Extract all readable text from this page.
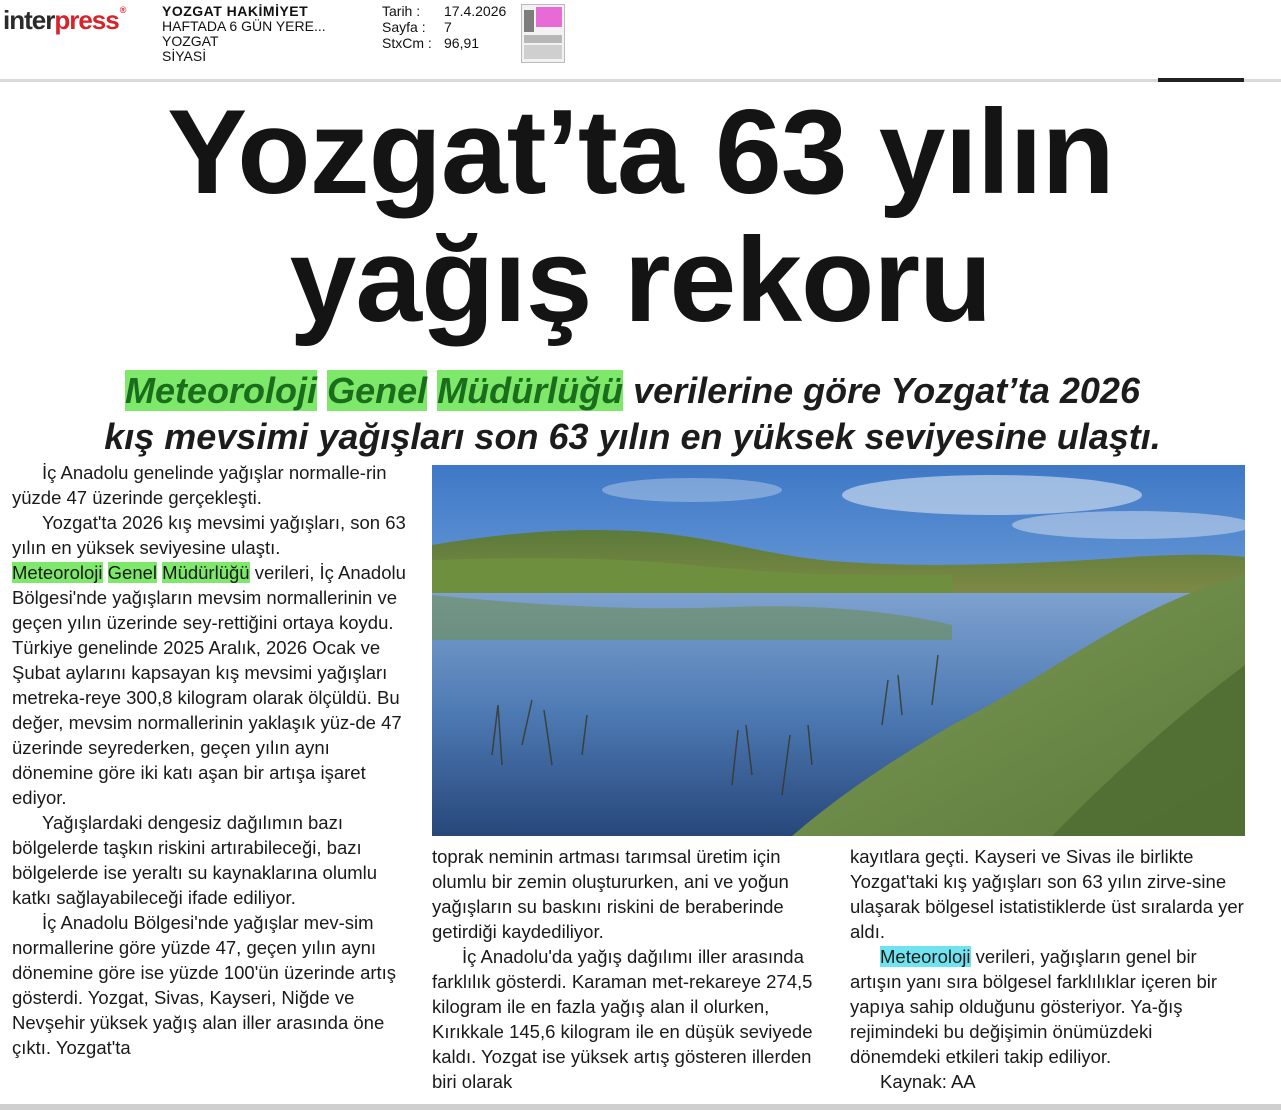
interpress®	YOZGAT HAKİMİYET
HAFTADA 6 GÜN YERE...
YOZGAT
SİYASİ
Tarih :	17.4.2026
Sayfa :	7
StxCm : 96,91
Yozgat’ta 63 yılın
yağış rekoru
Meteoroloji Genel Müdürlüğü verilerine göre Yozgat’ta 2026
kış mevsimi yağışları son 63 yılın en yüksek seviyesine ulaştı.

İç Anadolu genelinde yağışlar normalle-rin yüzde 47 üzerinde gerçekleşti.

Yozgat'ta 2026 kış mevsimi yağışları, son 63 yılın en yüksek seviyesine ulaştı.

Meteoroloji Genel Müdürlüğü verileri, İç Anadolu Bölgesi'nde yağışların mevsim normallerinin ve geçen yılın üzerinde sey-rettiğini ortaya koydu. Türkiye genelinde 2025 Aralık, 2026 Ocak ve Şubat aylarını kapsayan kış mevsimi yağışları metreka-reye 300,8 kilogram olarak ölçüldü. Bu değer, mevsim normallerinin yaklaşık yüz-de 47 üzerinde seyrederken, geçen yılın aynı dönemine göre iki katı aşan bir artışa işaret ediyor.

Yağışlardaki dengesiz dağılımın bazı bölgelerde taşkın riskini artırabileceği, bazı bölgelerde ise yeraltı su kaynaklarına olumlu katkı sağlayabileceği ifade ediliyor.

İç Anadolu Bölgesi'nde yağışlar mev-sim normallerine göre yüzde 47, geçen yılın aynı dönemine göre ise yüzde 100'ün üzerinde artış gösterdi. Yozgat, Sivas, Kayseri, Niğde ve Nevşehir yüksek yağış alan iller arasında öne çıktı. Yozgat'ta

toprak neminin artması tarımsal üretim için olumlu bir zemin oluştururken, ani ve yoğun yağışların su baskını riskini de beraberinde getirdiği kaydediliyor.

İç Anadolu'da yağış dağılımı iller arasında farklılık gösterdi. Karaman met-rekareye 274,5 kilogram ile en fazla yağış alan il olurken, Kırıkkale 145,6 kilogram ile en düşük seviyede kaldı. Yozgat ise yüksek artış gösteren illerden biri olarak

kayıtlara geçti. Kayseri ve Sivas ile birlikte Yozgat'taki kış yağışları son 63 yılın zirve-sine ulaşarak bölgesel istatistiklerde üst sıralarda yer aldı.

Meteoroloji verileri, yağışların genel bir artışın yanı sıra bölgesel farklılıklar içeren bir yapıya sahip olduğunu gösteriyor. Ya-ğış rejimindeki bu değişimin önümüzdeki dönemdeki etkileri takip ediliyor.

Kaynak: AA
